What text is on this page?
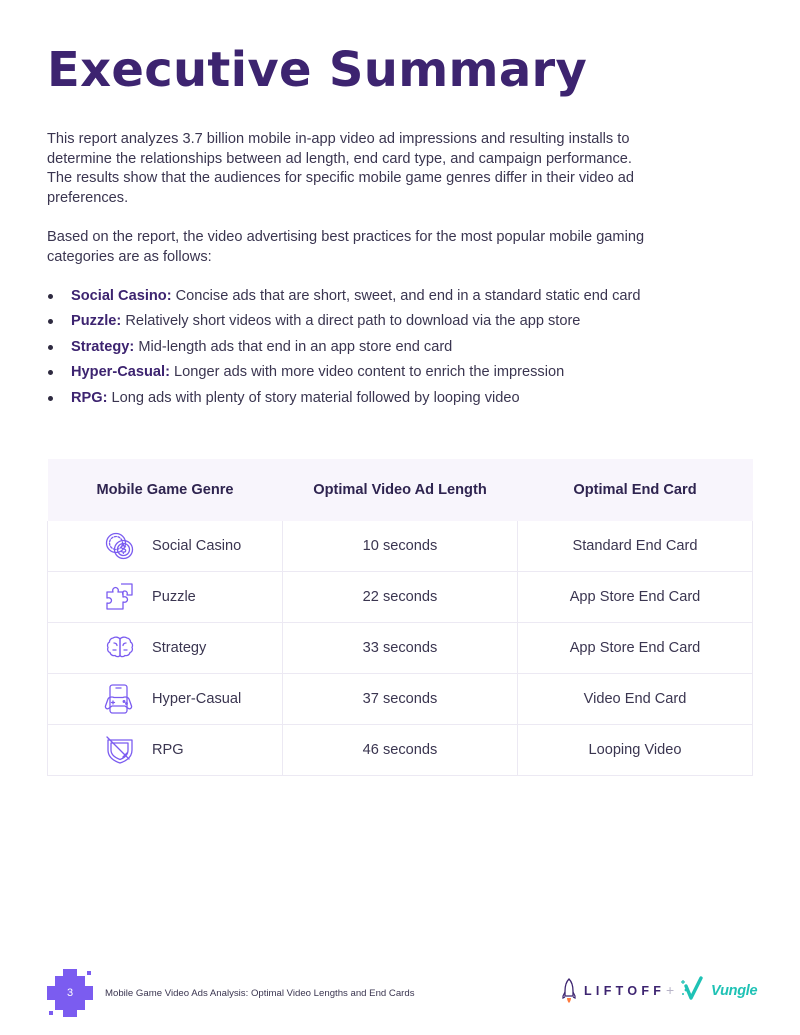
Executive Summary

This report analyzes 3.7 billion mobile in-app video ad impressions and resulting installs to determine the relationships between ad length, end card type, and campaign performance. The results show that the audiences for specific mobile game genres differ in their video ad preferences.

Based on the report, the video advertising best practices for the most popular mobile gaming categories are as follows:

Social Casino: Concise ads that are short, sweet, and end in a standard static end card
Puzzle: Relatively short videos with a direct path to download via the app store
Strategy: Mid-length ads that end in an app store end card
Hyper-Casual: Longer ads with more video content to enrich the impression
RPG: Long ads with plenty of story material followed by looping video
Mobile Game Genre	Optimal Video Ad Length	Optimal End Card

Social Casino	10 seconds	Standard End Card

Puzzle	22 seconds	App Store End Card

Strategy	33 seconds	App Store End Card

Hyper-Casual	37 seconds	Video End Card

RPG	46 seconds	Looping Video
3	Mobile Game Video Ads Analysis: Optimal Video Lengths and End Cards	LIFTOFF +	Vungle
